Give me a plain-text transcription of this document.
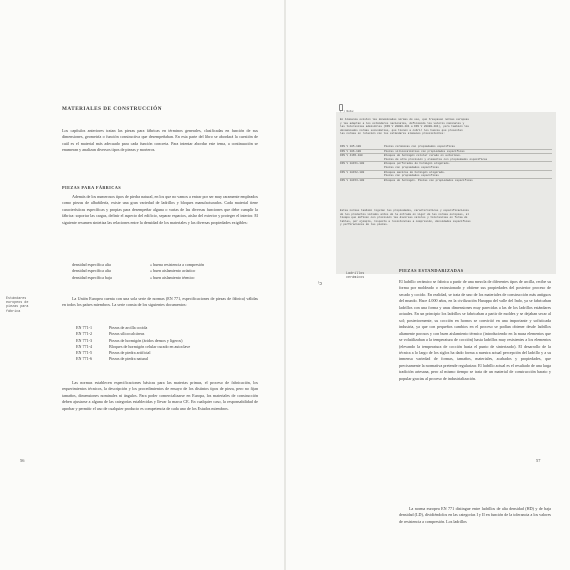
MATERIALES DE CONSTRUCCIÓN
Los capítulos anteriores tratan las piezas para fábricas en términos generales, clasificadas en función de sus dimensiones, geometría o función constructiva que desempeñaban. En esta parte del libro se abordará la cuestión de cuál es el material más adecuado para cada función concreta. Para intentar abordar este tema, a continuación se enumeran y analizan diversos tipos de piezas y morteros.
PIEZAS PARA FÁBRICAS
Además de los numerosos tipos de piedra natural, en los que no vamos a entrar por ser muy raramente empleados como piezas de albañilería, existe una gran variedad de ladrillos y bloques manufacturados. Cada material tiene características específicas y propias para desempeñar alguna o varias de las diversas funciones que debe cumplir la fábrica: soportar las cargas, definir el aspecto del edificio, separar espacios, aislar del exterior y proteger el interior. El siguiente resumen sintetiza las relaciones entre la densidad de los materiales y las diversas propiedades exigibles:
densidad específica alta	» buena resistencia a compresión
densidad específica alta	» buen aislamiento acústico
densidad específica baja	» buen aislamiento térmico
Estándares
europeos de
piezas para
fábrica
La Unión Europea cuenta con una sola serie de normas (EN 771, especificaciones de piezas de fábrica) válidas en todos los países miembros. La serie consta de los siguientes documentos:
EN 771-1	Piezas de arcilla cocida
EN 771-2	Piezas silicocalcáreas
EN 771-3	Piezas de hormigón (áridos densos y ligeros)
EN 771-4	Bloques de hormigón celular curado en autoclave
EN 771-5	Piezas de piedra artificial
EN 771-6	Piezas de piedra natural
Las normas establecen especificaciones básicas para las materias primas, el proceso de fabricación, los requerimientos técnicos, la descripción y los procedimientos de ensayo de los distintos tipos de pieza, pero no fijan tamaños, dimensiones nominales ni ángulos. Para poder comercializarse en Europa, los materiales de construcción deben ajustarse a alguna de las categorías establecidas y llevar la marca CE. En cualquier caso, la responsabilidad de aprobar y permitir el uso de cualquier producto es competencia de cada uno de los Estados miembros.
56
(") Nota:
En Alemania existen las denominadas normas de uso, que traspasan normas europeas
y las adaptan a los estándares nacionales, definiendo los valores nominales y
las tolerancias admisibles (DIN V 20000-401 a DIN V 20000-404), pero también los
denominados normas secundarias, que tienen a cubrir los huecos que presentan
las normas en relación con los estándares alemanes preexistentes:
DIN V 105-100	Piezas cerámicas con propiedades específicas
DIN V 106-100	Piezas silicocalcáreas con propiedades específicas
DIN V 4165-100	Bloques de hormigón celular curado en autoclave.
Piezas de alta precisión y elementos con propiedades específicas
DIN V 18151-100	Bloques perforados de hormigón aligerado.
Piezas con propiedades específicas
DIN V 18152-100	Bloques macizos de hormigón aligerado.
Piezas con propiedades específicas
DIN V 18153-100	Bloques de hormigón. Piezas con propiedades específicas
Estas normas también regulan las propiedades, características y especificaciones
de los productos válidos antes de la entrada en vigor de las normas europeas, al
tiempo que definen con precisión las diversas valores y tolerancias en forma de
tablas, por ejemplo, respecto a resistencias a compresión, densidades específicas
y perforaciones de las piezas.
Ladrillos
cerámicos
⁾ↄ
PIEZAS ESTANDARIZADAS
El ladrillo cerámico se fabrica a partir de una mezcla de diferentes tipos de arcilla, recibe su forma por moldeado o extrusionado y obtiene sus propiedades del posterior proceso de secado y cocido. En realidad, se trata de uno de los materiales de construcción más antiguos del mundo. Hace 4.000 años, en la civilización Harappa del valle del Indo, ya se fabricaban ladrillos con una forma y unas dimensiones muy parecidas a las de los ladrillos estándares actuales. En un principio los ladrillos se fabricaban a partir de moldes y se dejaban secar al sol; posteriormente, su cocción en hornos se convirtió en una importante y sofisticada industria, ya que con pequeños cambios en el proceso se podían obtener desde ladrillos altamente porosos y con buen aislamiento térmico (introduciendo en la masa elementos que se volatilizaban a la temperatura de cocción) hasta ladrillos muy resistentes a los elementos (elevando la temperatura de cocción hasta el punto de sinterizado). El desarrollo de la técnica a lo largo de los siglos ha dado forma a nuestra actual percepción del ladrillo y a su inmensa variedad de formas, tamaños, materiales, acabados y propiedades, que precisamente la normativa pretende regularizar. El ladrillo actual es el resultado de una larga tradición artesana, pero al mismo tiempo se trata de un material de construcción barato y popular gracias al proceso de industrialización.
La norma europea EN 771 distingue entre ladrillos de alta densidad (HD) y de baja densidad (LD), dividiéndolos en las categorías I y II en función de la tolerancia a los valores de resistencia a compresión. Los ladrillos
57
